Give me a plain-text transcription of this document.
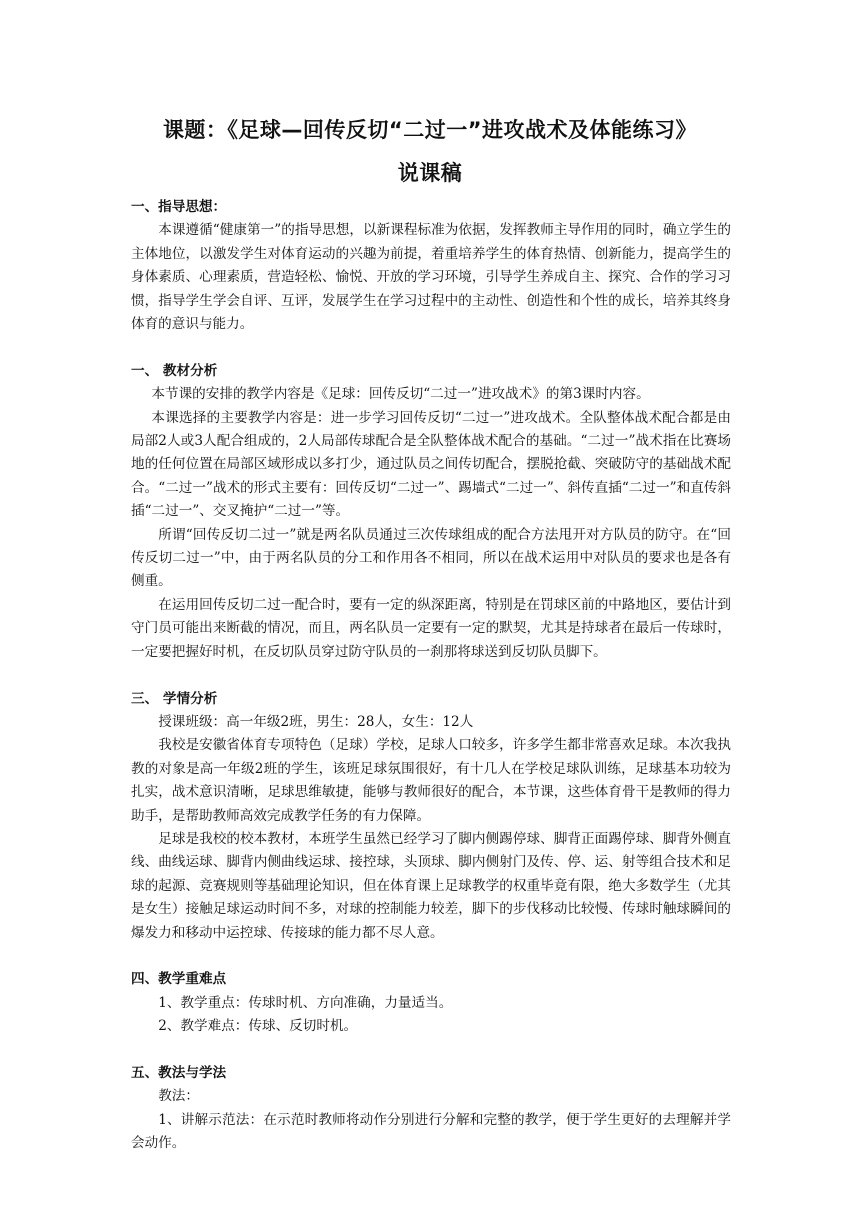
课题：《足球—回传反切“二过一”进攻战术及体能练习》
说课稿
一、指导思想：

本课遵循“健康第一”的指导思想，以新课程标准为依据，发挥教师主导作用的同时，确立学生的主体地位，以激发学生对体育运动的兴趣为前提，着重培养学生的体育热情、创新能力，提高学生的身体素质、心理素质，营造轻松、愉悦、开放的学习环境，引导学生养成自主、探究、合作的学习习惯，指导学生学会自评、互评，发展学生在学习过程中的主动性、创造性和个性的成长，培养其终身体育的意识与能力。

一、 教材分析

本节课的安排的教学内容是《足球：回传反切“二过一”进攻战术》的第3课时内容。

本课选择的主要教学内容是：进一步学习回传反切“二过一”进攻战术。全队整体战术配合都是由局部2人或3人配合组成的，2人局部传球配合是全队整体战术配合的基础。“二过一”战术指在比赛场地的任何位置在局部区域形成以多打少，通过队员之间传切配合，摆脱抢截、突破防守的基础战术配合。“二过一”战术的形式主要有：回传反切“二过一”、踢墙式“二过一”、斜传直插“二过一”和直传斜插“二过一”、交叉掩护“二过一”等。

所谓“回传反切二过一”就是两名队员通过三次传球组成的配合方法甩开对方队员的防守。在“回传反切二过一”中，由于两名队员的分工和作用各不相同，所以在战术运用中对队员的要求也是各有侧重。

在运用回传反切二过一配合时，要有一定的纵深距离，特别是在罚球区前的中路地区，要估计到守门员可能出来断截的情况，而且，两名队员一定要有一定的默契，尤其是持球者在最后一传球时，一定要把握好时机，在反切队员穿过防守队员的一刹那将球送到反切队员脚下。

三、 学情分析

授课班级：高一年级2班，男生：28人，女生：12人

我校是安徽省体育专项特色（足球）学校，足球人口较多，许多学生都非常喜欢足球。本次我执教的对象是高一年级2班的学生，该班足球氛围很好，有十几人在学校足球队训练，足球基本功较为扎实，战术意识清晰，足球思维敏捷，能够与教师很好的配合，本节课，这些体育骨干是教师的得力助手，是帮助教师高效完成教学任务的有力保障。

足球是我校的校本教材，本班学生虽然已经学习了脚内侧踢停球、脚背正面踢停球、脚背外侧直线、曲线运球、脚背内侧曲线运球、接控球，头顶球、脚内侧射门及传、停、运、射等组合技术和足球的起源、竞赛规则等基础理论知识，但在体育课上足球教学的权重毕竟有限，绝大多数学生（尤其是女生）接触足球运动时间不多，对球的控制能力较差，脚下的步伐移动比较慢、传球时触球瞬间的爆发力和移动中运控球、传接球的能力都不尽人意。

四、教学重难点

1、教学重点：传球时机、方向准确，力量适当。

2、教学难点：传球、反切时机。

五、教法与学法

教法：

1、讲解示范法：在示范时教师将动作分别进行分解和完整的教学，便于学生更好的去理解并学会动作。
